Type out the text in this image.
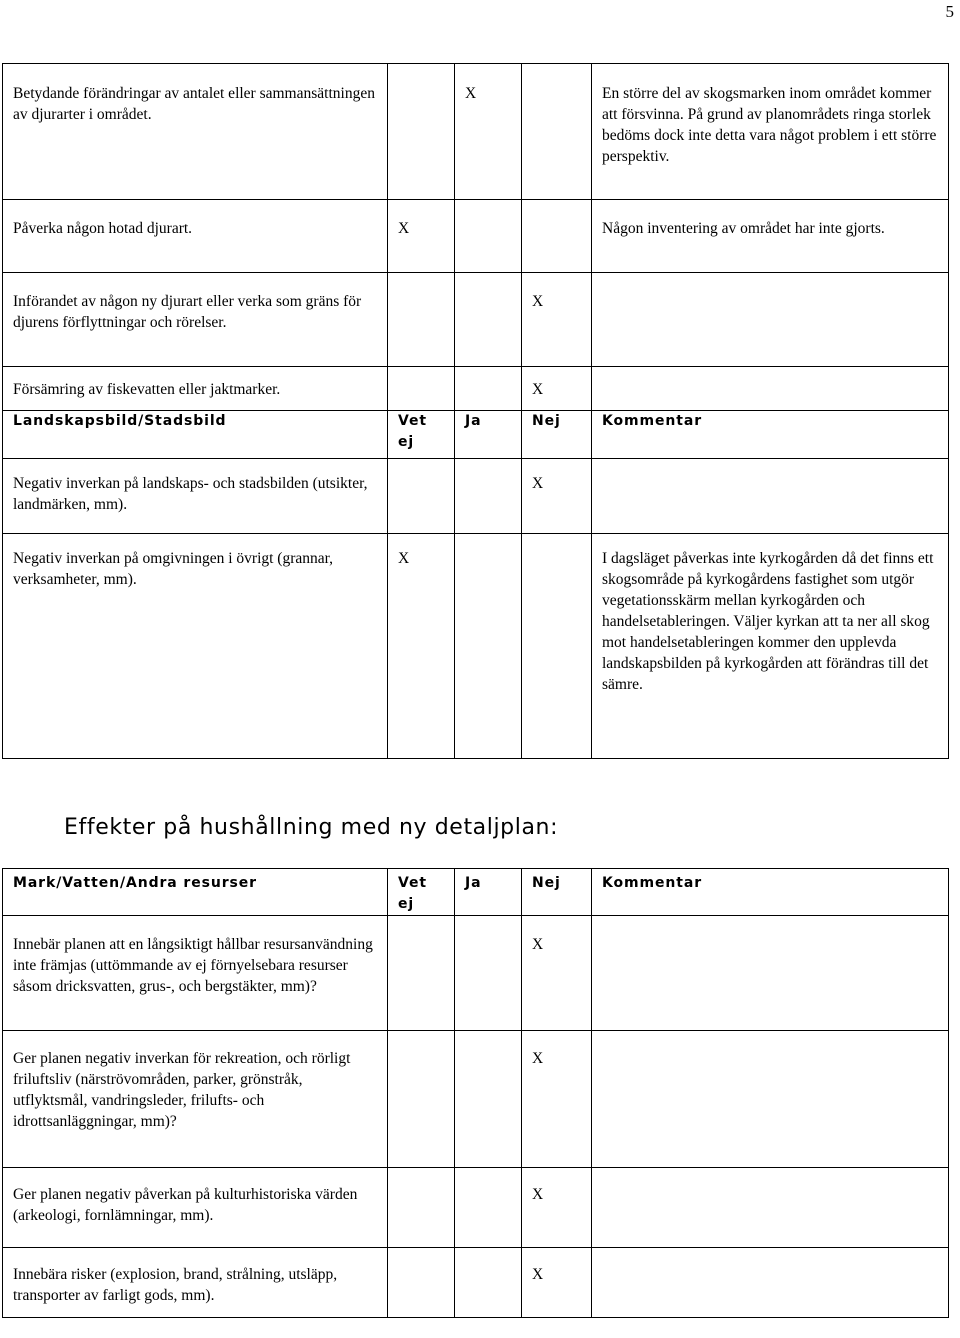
5
Betydande förändringar av antalet eller sammansättningen av djurarter i området.		X		En större del av skogsmarken inom området kommer att försvinna. På grund av planområdets ringa storlek bedöms dock inte detta vara något problem i ett större perspektiv.
Påverka någon hotad djurart.	X			Någon inventering av området har inte gjorts.
Införandet av någon ny djurart eller verka som gräns för djurens förflyttningar och rörelser.			X	
Försämring av fiskevatten eller jaktmarker.			X	
Landskapsbild/Stadsbild	Vet ej	Ja	Nej	Kommentar
Negativ inverkan på landskaps- och stadsbilden (utsikter, landmärken, mm).			X	
Negativ inverkan på omgivningen i övrigt (grannar, verksamheter, mm).	X			I dagsläget påverkas inte kyrkogården då det finns ett skogsområde på kyrkogårdens fastighet som utgör vegetationsskärm mellan kyrkogården och handelsetableringen. Väljer kyrkan att ta ner all skog mot handelsetableringen kommer den upplevda landskapsbilden på kyrkogården att förändras till det sämre.
Effekter på hushållning med ny detaljplan:
Mark/Vatten/Andra resurser	Vet ej	Ja	Nej	Kommentar
Innebär planen att en långsiktigt hållbar resursanvändning inte främjas (uttömmande av ej förnyelsebara resurser såsom dricksvatten, grus-, och bergstäkter, mm)?			X	
Ger planen negativ inverkan för rekreation, och rörligt friluftsliv (närströvområden, parker, grönstråk, utflyktsmål, vandringsleder, frilufts- och idrottsanläggningar, mm)?			X	
Ger planen negativ påverkan på kulturhistoriska värden (arkeologi, fornlämningar, mm).			X	
Innebära risker (explosion, brand, strålning, utsläpp, transporter av farligt gods, mm).			X	
